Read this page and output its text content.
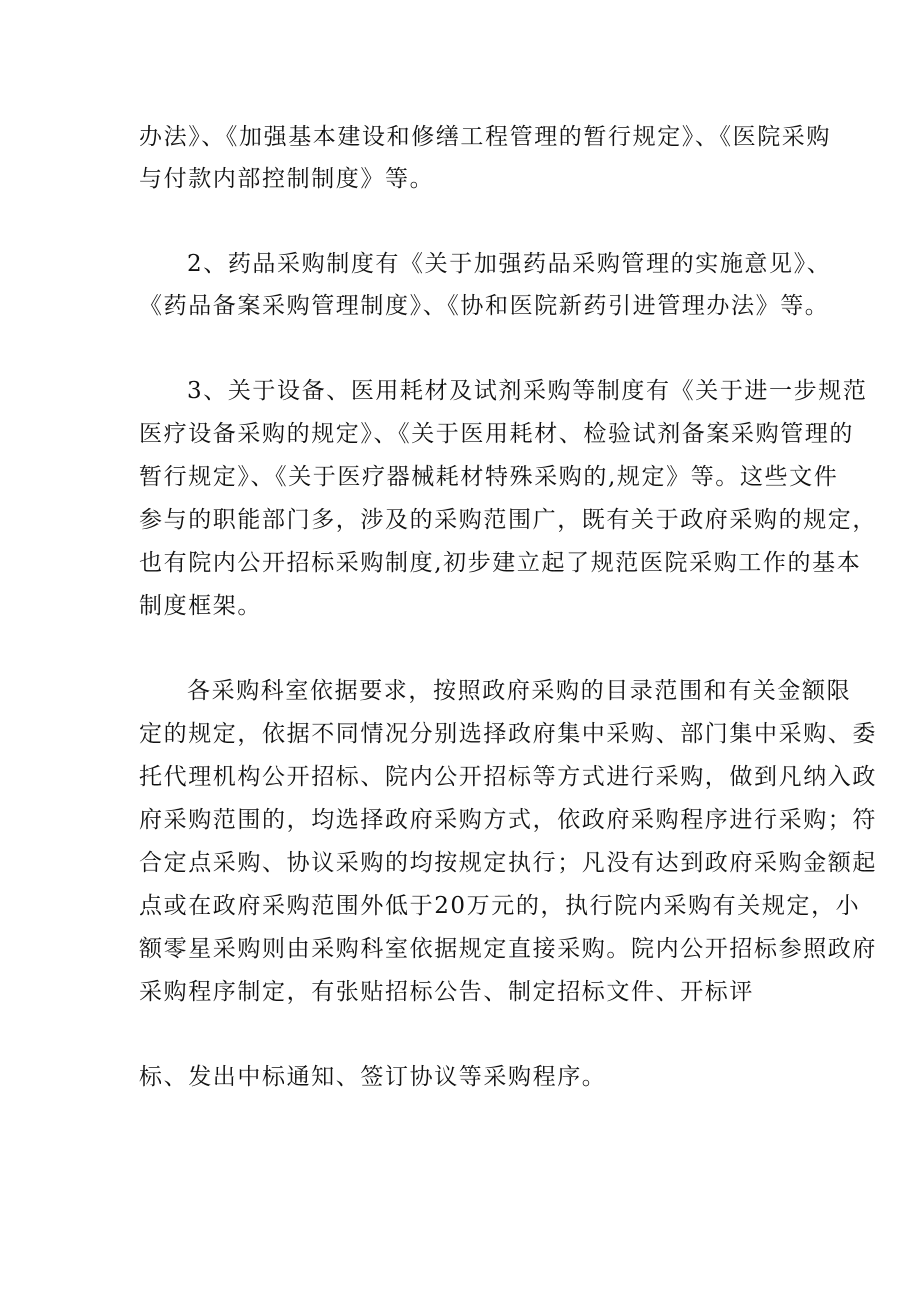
办法》、《加强基本建设和修缮工程管理的暂行规定》、《医院采购
与付款内部控制制度》等。
2、药品采购制度有《关于加强药品采购管理的实施意见》、
《药品备案采购管理制度》、《协和医院新药引进管理办法》等。
3、关于设备、医用耗材及试剂采购等制度有《关于进一步规范
医疗设备采购的规定》、《关于医用耗材、检验试剂备案采购管理的
暂行规定》、《关于医疗器械耗材特殊采购的,规定》等。这些文件
参与的职能部门多，涉及的采购范围广，既有关于政府采购的规定，
也有院内公开招标采购制度,初步建立起了规范医院采购工作的基本
制度框架。
各采购科室依据要求，按照政府采购的目录范围和有关金额限
定的规定，依据不同情况分别选择政府集中采购、部门集中采购、委
托代理机构公开招标、院内公开招标等方式进行采购，做到凡纳入政
府采购范围的，均选择政府采购方式，依政府采购程序进行采购；符
合定点采购、协议采购的均按规定执行；凡没有达到政府采购金额起
点或在政府采购范围外低于20万元的，执行院内采购有关规定，小
额零星采购则由采购科室依据规定直接采购。院内公开招标参照政府
采购程序制定，有张贴招标公告、制定招标文件、开标评
标、发出中标通知、签订协议等采购程序。
